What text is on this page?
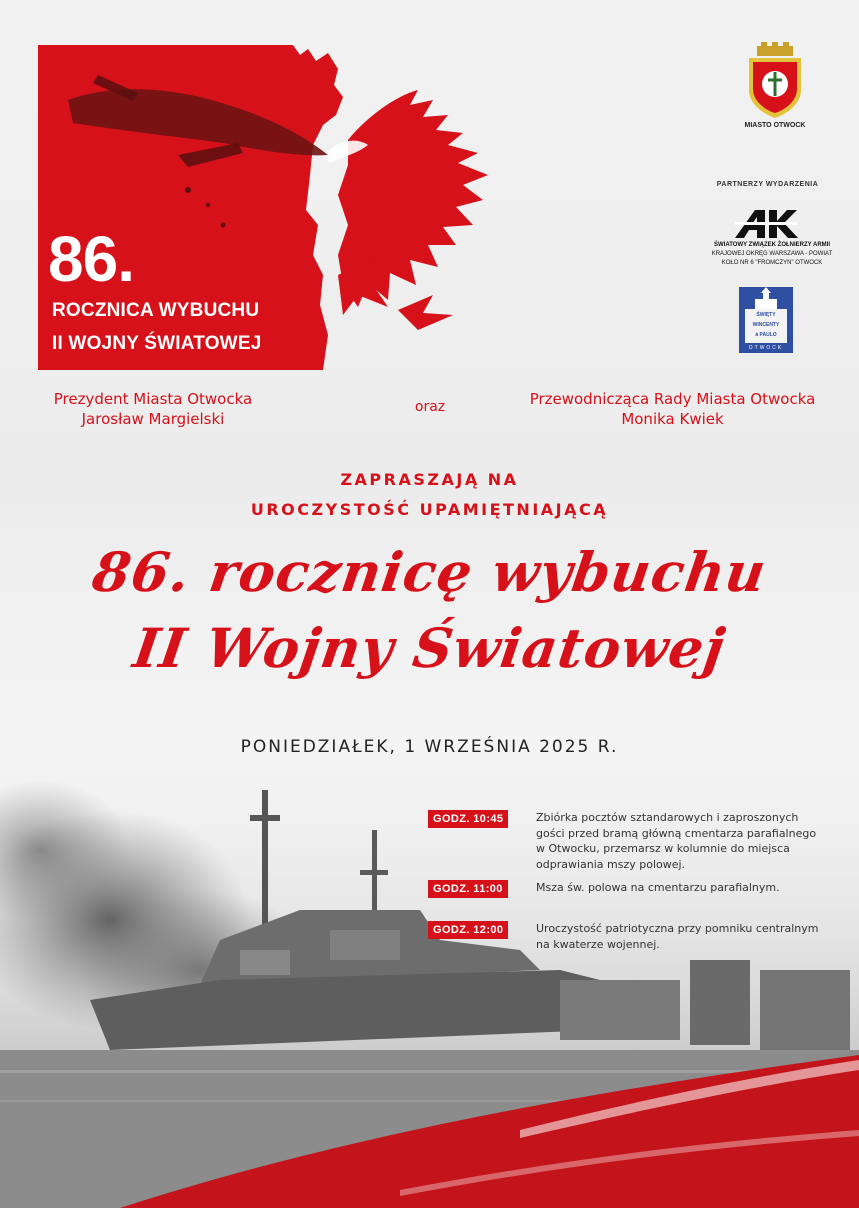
86.
ROCZNICA WYBUCHU
II WOJNY ŚWIATOWEJ
MIASTO OTWOCK
PARTNERZY WYDARZENIA
ŚWIATOWY ZWIĄZEK ŻOŁNIERZY ARMII
KRAJOWEJ OKRĘG WARSZAWA - POWIAT
KOŁO NR 6 "FROMCZYN" OTWOCK
ŚWIĘTY
WINCENTY
à PAULO
OTWOCK
Prezydent Miasta Otwocka
Jarosław Margielski
oraz	Przewodnicząca Rady Miasta Otwocka
Monika Kwiek
ZAPRASZAJĄ NA
UROCZYSTOŚĆ UPAMIĘTNIAJĄCĄ
86. rocznicę wybuchu
II Wojny Światowej
PONIEDZIAŁEK, 1 WRZEŚNIA 2025 R.
GODZ. 10:45	Zbiórka pocztów sztandarowych i zaproszonych gości przed bramą główną cmentarza parafialnego w Otwocku, przemarsz w kolumnie do miejsca odprawiania mszy polowej.
GODZ. 11:00	Msza św. polowa na cmentarzu parafialnym.
GODZ. 12:00	Uroczystość patriotyczna przy pomniku centralnym na kwaterze wojennej.
